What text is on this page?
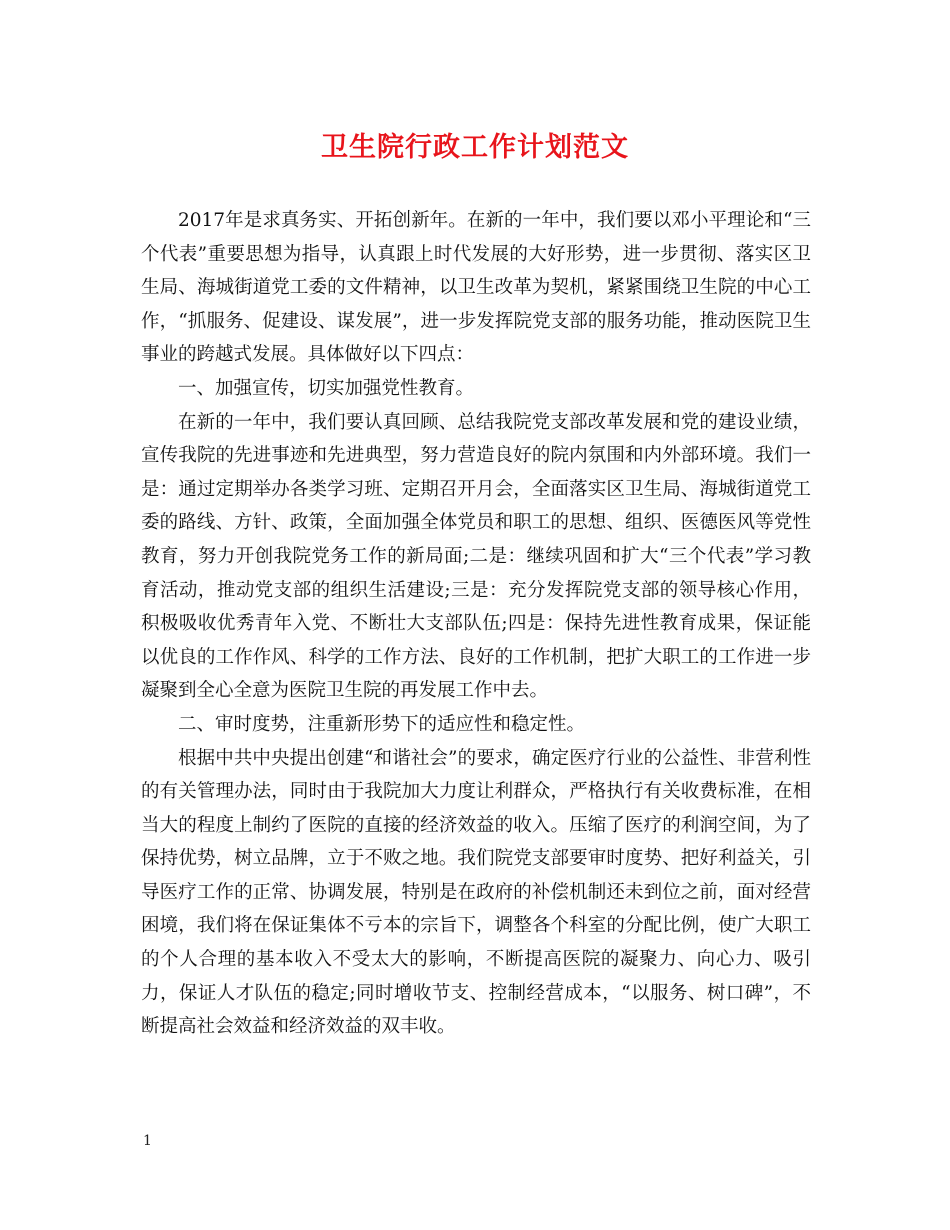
卫生院行政工作计划范文

2017年是求真务实、开拓创新年。在新的一年中，我们要以邓小平理论和“三个代表”重要思想为指导，认真跟上时代发展的大好形势，进一步贯彻、落实区卫生局、海城街道党工委的文件精神，以卫生改革为契机，紧紧围绕卫生院的中心工作，“抓服务、促建设、谋发展”，进一步发挥院党支部的服务功能，推动医院卫生事业的跨越式发展。具体做好以下四点：

一、加强宣传，切实加强党性教育。

在新的一年中，我们要认真回顾、总结我院党支部改革发展和党的建设业绩，宣传我院的先进事迹和先进典型，努力营造良好的院内氛围和内外部环境。我们一是：通过定期举办各类学习班、定期召开月会，全面落实区卫生局、海城街道党工委的路线、方针、政策，全面加强全体党员和职工的思想、组织、医德医风等党性教育，努力开创我院党务工作的新局面;二是：继续巩固和扩大“三个代表”学习教育活动，推动党支部的组织生活建设;三是：充分发挥院党支部的领导核心作用，积极吸收优秀青年入党、不断壮大支部队伍;四是：保持先进性教育成果，保证能以优良的工作作风、科学的工作方法、良好的工作机制，把扩大职工的工作进一步凝聚到全心全意为医院卫生院的再发展工作中去。

二、审时度势，注重新形势下的适应性和稳定性。

根据中共中央提出创建“和谐社会”的要求，确定医疗行业的公益性、非营利性的有关管理办法，同时由于我院加大力度让利群众，严格执行有关收费标准，在相当大的程度上制约了医院的直接的经济效益的收入。压缩了医疗的利润空间，为了保持优势，树立品牌，立于不败之地。我们院党支部要审时度势、把好利益关，引导医疗工作的正常、协调发展，特别是在政府的补偿机制还未到位之前，面对经营困境，我们将在保证集体不亏本的宗旨下，调整各个科室的分配比例，使广大职工的个人合理的基本收入不受太大的影响，不断提高医院的凝聚力、向心力、吸引力，保证人才队伍的稳定;同时增收节支、控制经营成本，“以服务、树口碑”，不断提高社会效益和经济效益的双丰收。

1
